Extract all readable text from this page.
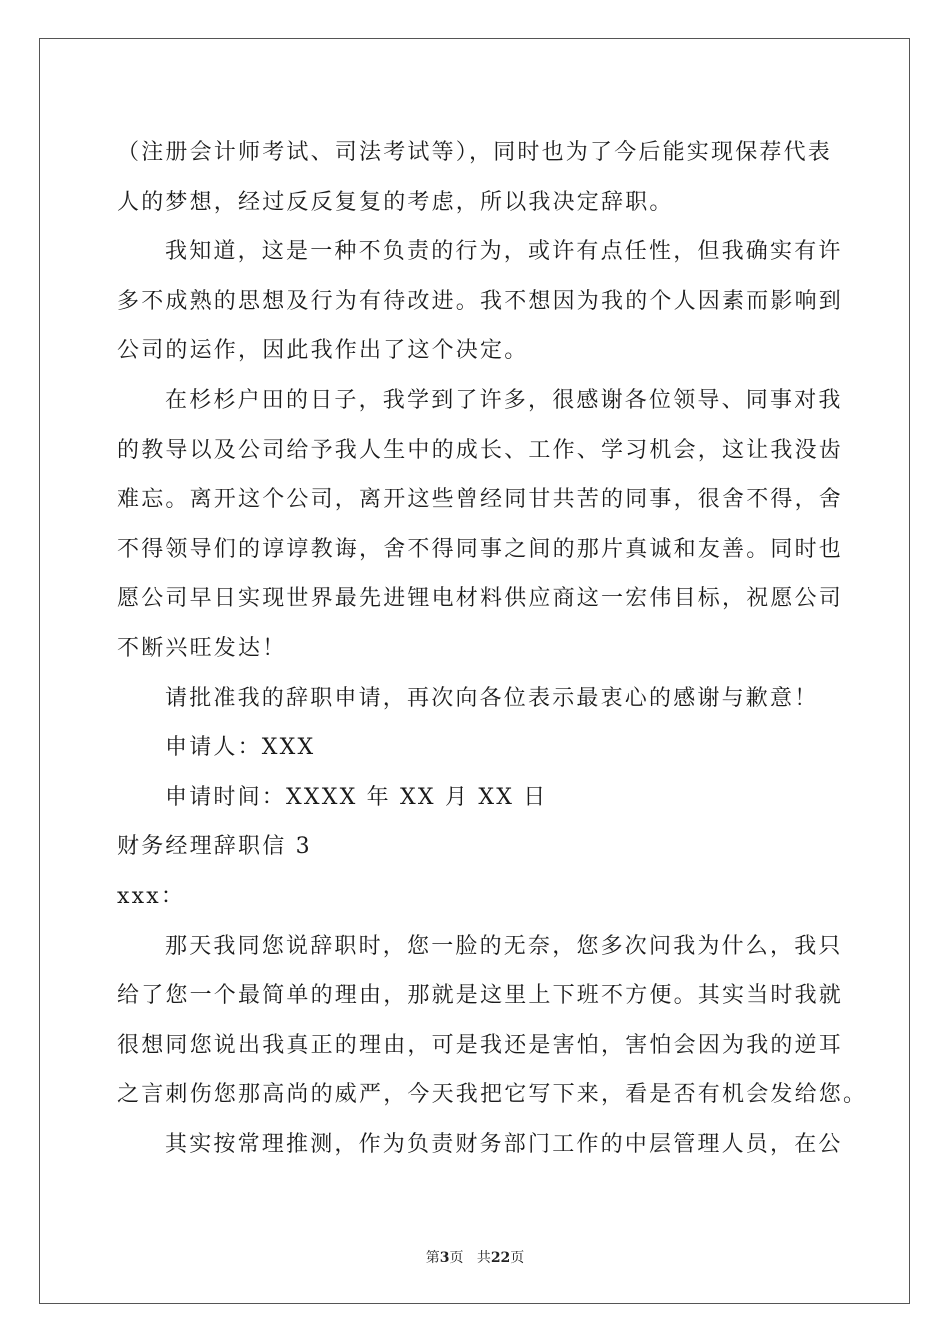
（注册会计师考试、司法考试等），同时也为了今后能实现保荐代表
人的梦想，经过反反复复的考虑，所以我决定辞职。
我知道，这是一种不负责的行为，或许有点任性，但我确实有许
多不成熟的思想及行为有待改进。我不想因为我的个人因素而影响到
公司的运作，因此我作出了这个决定。
在杉杉户田的日子，我学到了许多，很感谢各位领导、同事对我
的教导以及公司给予我人生中的成长、工作、学习机会，这让我没齿
难忘。离开这个公司，离开这些曾经同甘共苦的同事，很舍不得，舍
不得领导们的谆谆教诲，舍不得同事之间的那片真诚和友善。同时也
愿公司早日实现世界最先进锂电材料供应商这一宏伟目标，祝愿公司
不断兴旺发达！
请批准我的辞职申请，再次向各位表示最衷心的感谢与歉意！
申请人：XXX
申请时间：XXXX 年 XX 月 XX 日
财务经理辞职信 3
xxx：
那天我同您说辞职时，您一脸的无奈，您多次问我为什么，我只
给了您一个最简单的理由，那就是这里上下班不方便。其实当时我就
很想同您说出我真正的理由，可是我还是害怕，害怕会因为我的逆耳
之言刺伤您那高尚的威严，今天我把它写下来，看是否有机会发给您。
其实按常理推测，作为负责财务部门工作的中层管理人员，在公
第3页 共22页
